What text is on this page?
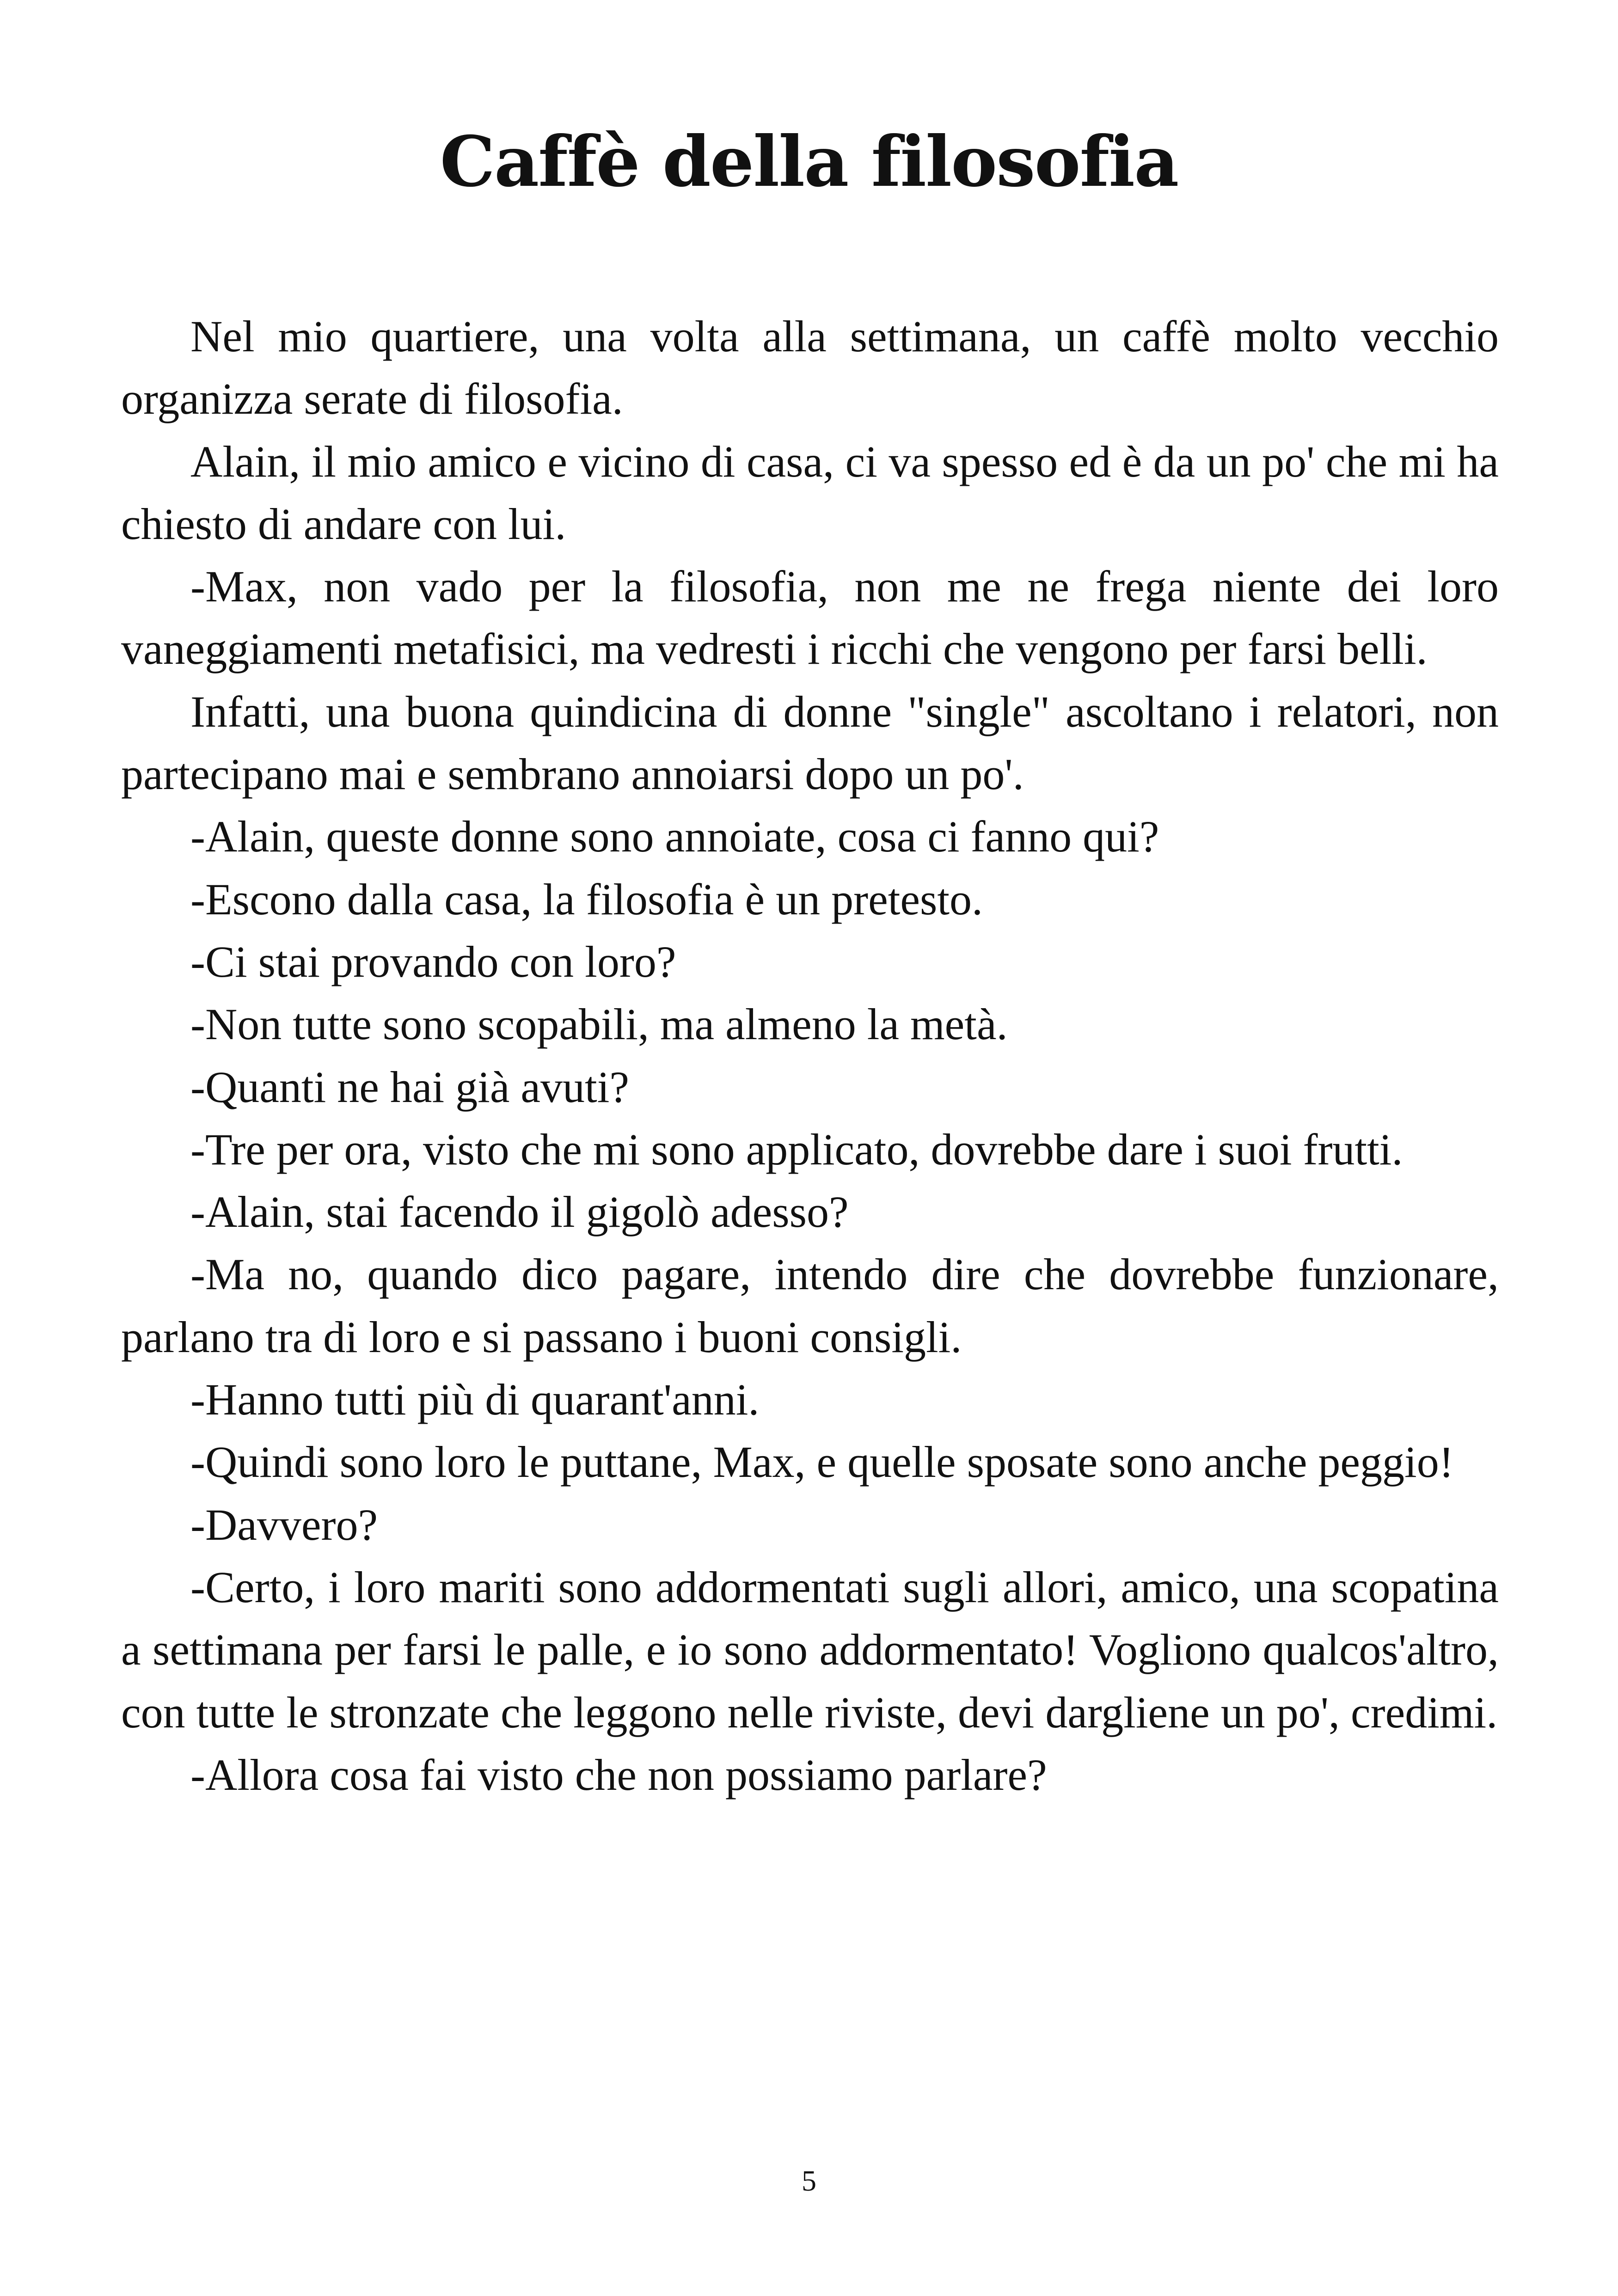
Caffè della filosofia

Nel mio quartiere, una volta alla settimana, un caffè molto vecchio organizza serate di filosofia.

Alain, il mio amico e vicino di casa, ci va spesso ed è da un po' che mi ha chiesto di andare con lui.

-Max, non vado per la filosofia, non me ne frega niente dei loro vaneggiamenti metafisici, ma vedresti i ricchi che vengono per farsi belli.

Infatti, una buona quindicina di donne "single" ascoltano i relatori, non partecipano mai e sembrano annoiarsi dopo un po'.

-Alain, queste donne sono annoiate, cosa ci fanno qui?

-Escono dalla casa, la filosofia è un pretesto.

-Ci stai provando con loro?

-Non tutte sono scopabili, ma almeno la metà.

-Quanti ne hai già avuti?

-Tre per ora, visto che mi sono applicato, dovrebbe dare i suoi frutti.

-Alain, stai facendo il gigolò adesso?

-Ma no, quando dico pagare, intendo dire che dovrebbe funzionare, parlano tra di loro e si passano i buoni consigli.

-Hanno tutti più di quarant'anni.

-Quindi sono loro le puttane, Max, e quelle sposate sono anche peggio!

-Davvero?

-Certo, i loro mariti sono addormentati sugli allori, amico, una scopatina a settimana per farsi le palle, e io sono addormentato! Vogliono qualcos'altro, con tutte le stronzate che leggono nelle riviste, devi dargliene un po', credimi.

-Allora cosa fai visto che non possiamo parlare?

5
